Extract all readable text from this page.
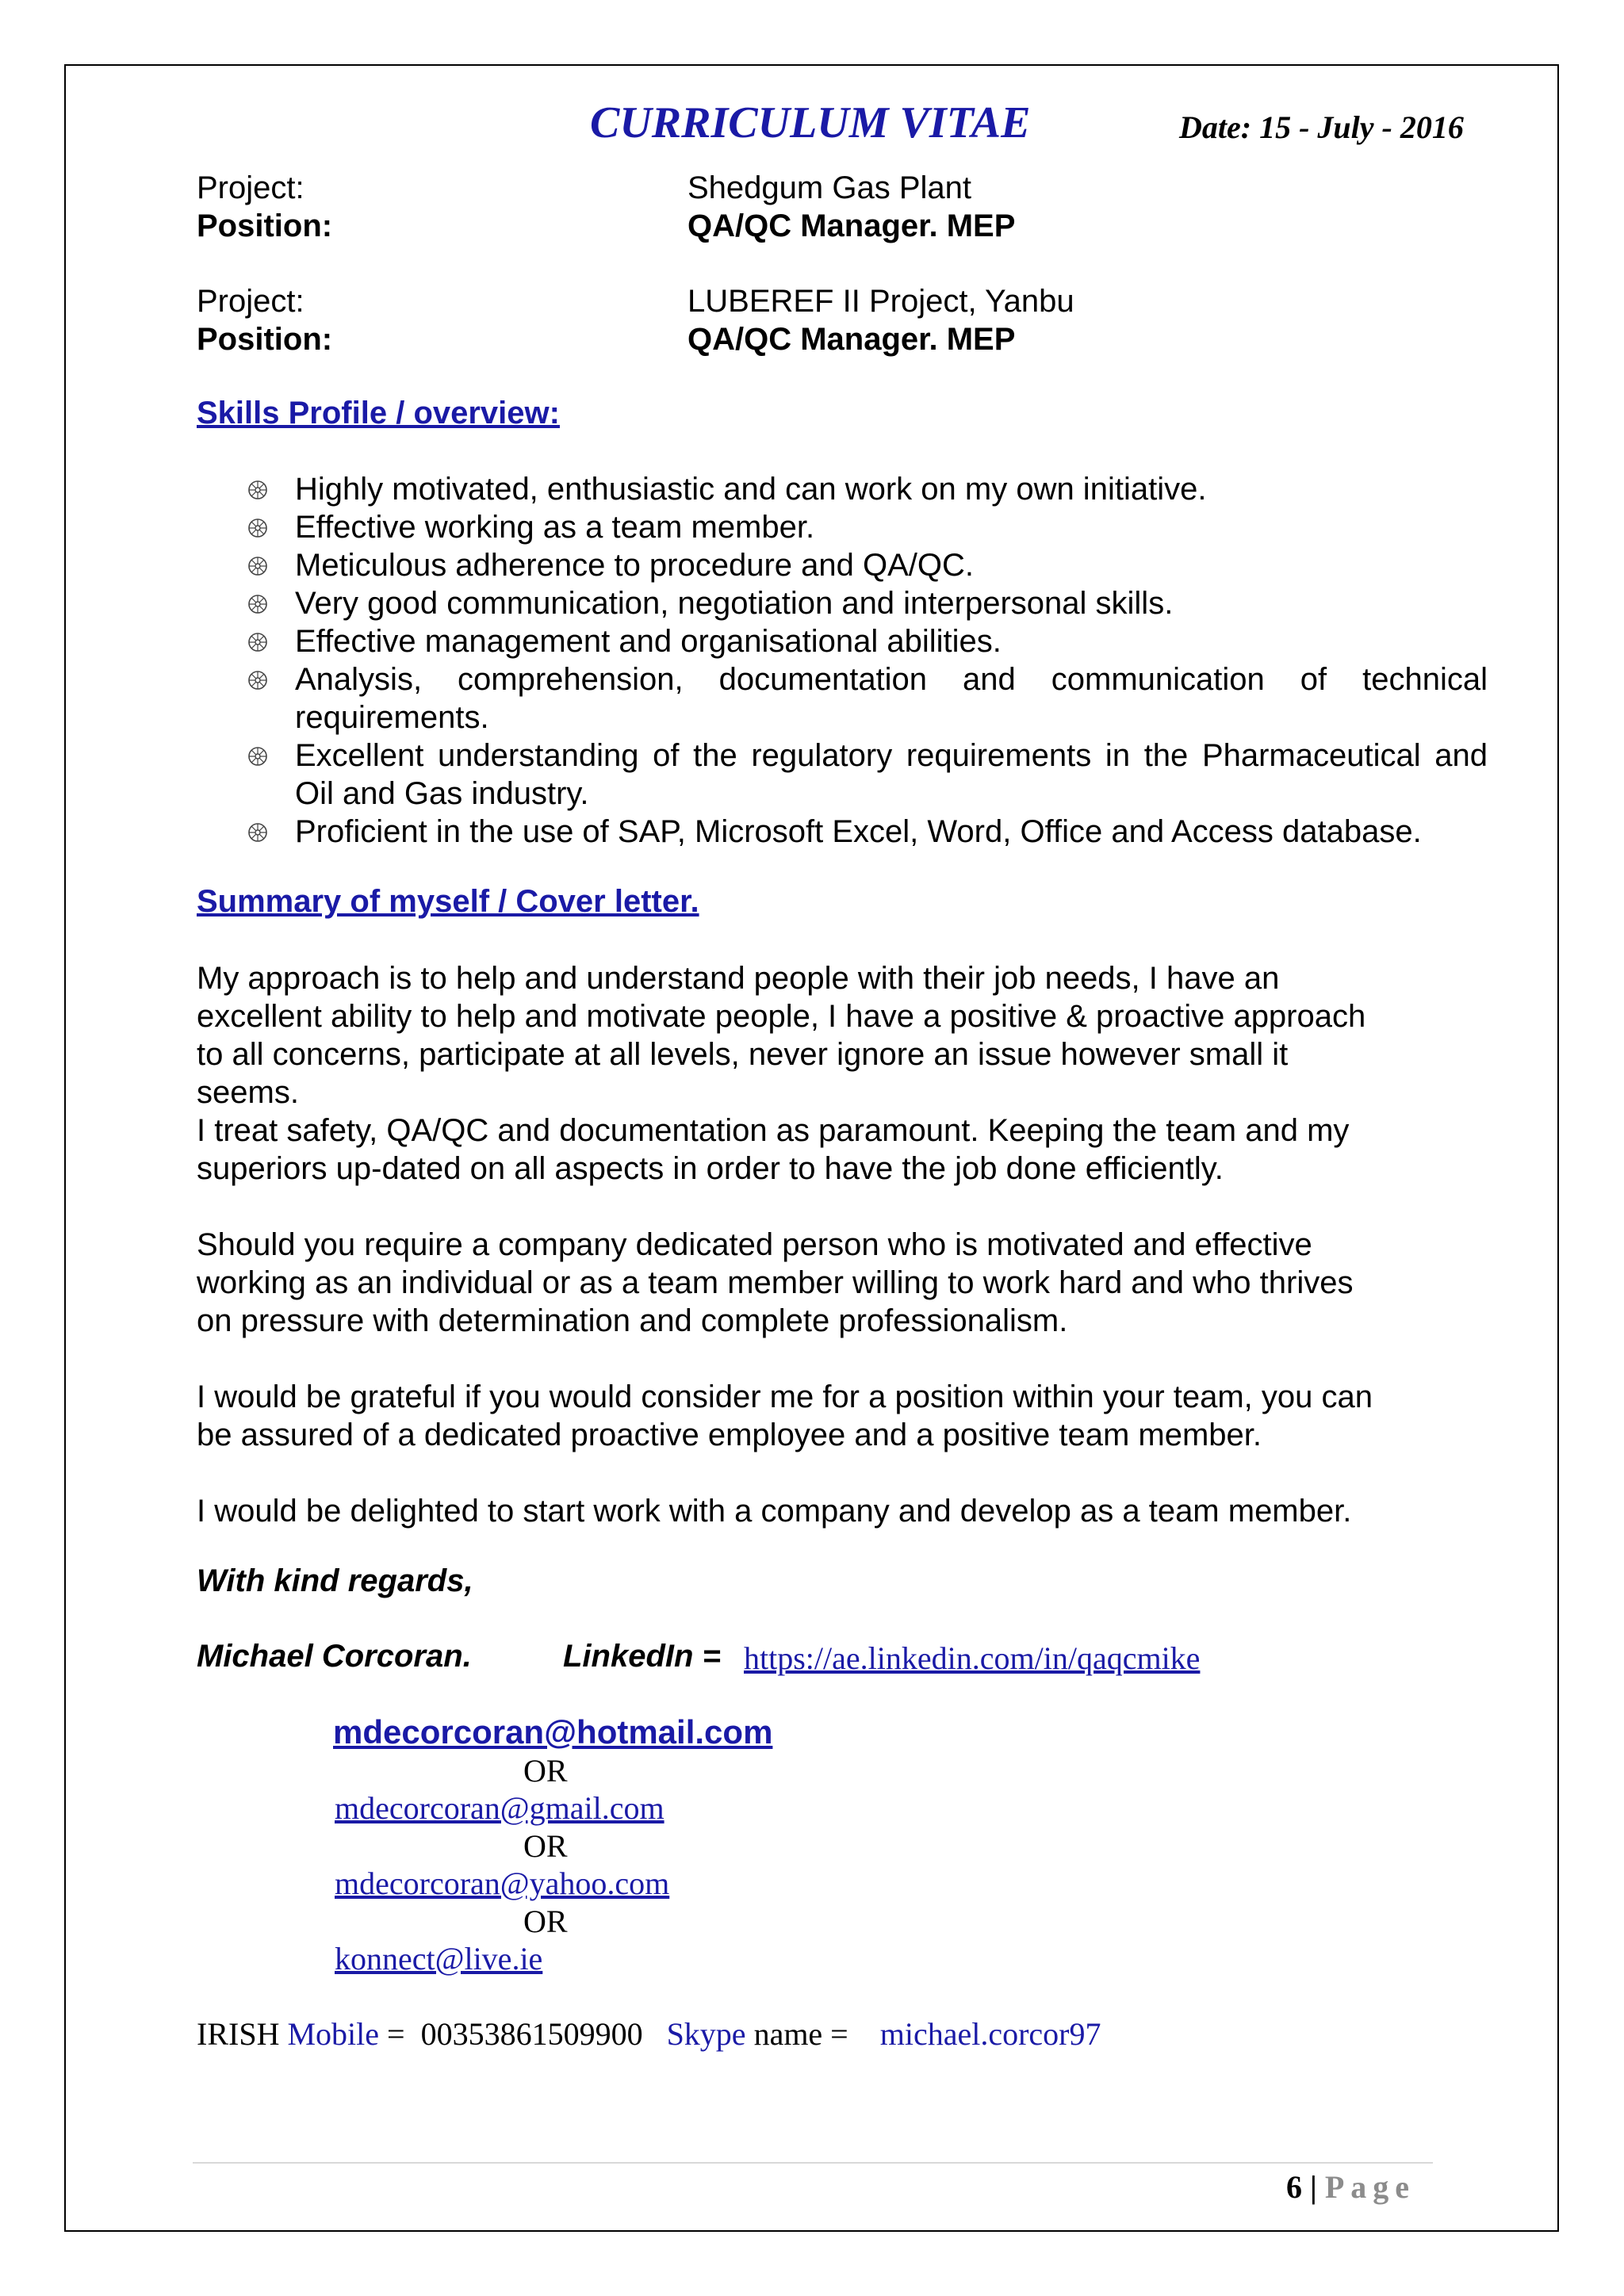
CURRICULUM VITAE	Date: 15 - July - 2016
Project:	Shedgum Gas Plant
Position:	QA/QC Manager. MEP
Project:	LUBEREF II Project, Yanbu
Position:	QA/QC Manager. MEP
Skills Profile / overview:
Highly motivated, enthusiastic and can work on my own initiative.
Effective working as a team member.
Meticulous adherence to procedure and QA/QC.
Very good communication, negotiation and interpersonal skills.
Effective management and organisational abilities.
Analysis, comprehension, documentation and communication of technical requirements.
Excellent understanding of the regulatory requirements in the Pharmaceutical and Oil and Gas industry.
Proficient in the use of SAP, Microsoft Excel, Word, Office and Access database.
Summary of myself / Cover letter.

My approach is to help and understand people with their job needs, I have an
excellent ability to help and motivate people, I have a positive & proactive approach
to all concerns, participate at all levels, never ignore an issue however small it
seems.
I treat safety, QA/QC and documentation as paramount. Keeping the team and my
superiors up-dated on all aspects in order to have the job done efficiently.

Should you require a company dedicated person who is motivated and effective
working as an individual or as a team member willing to work hard and who thrives
on pressure with determination and complete professionalism.

I would be grateful if you would consider me for a position within your team, you can
be assured of a dedicated proactive employee and a positive team member.

I would be delighted to start work with a company and develop as a team member.

With kind regards,
Michael Corcoran.	LinkedIn = https://ae.linkedin.com/in/qaqcmike
mdecorcoran@hotmail.com
OR
mdecorcoran@gmail.com
OR
mdecorcoran@yahoo.com
OR
konnect@live.ie
IRISH Mobile = 00353861509900 Skype name = michael.corcor97
6 | Page
